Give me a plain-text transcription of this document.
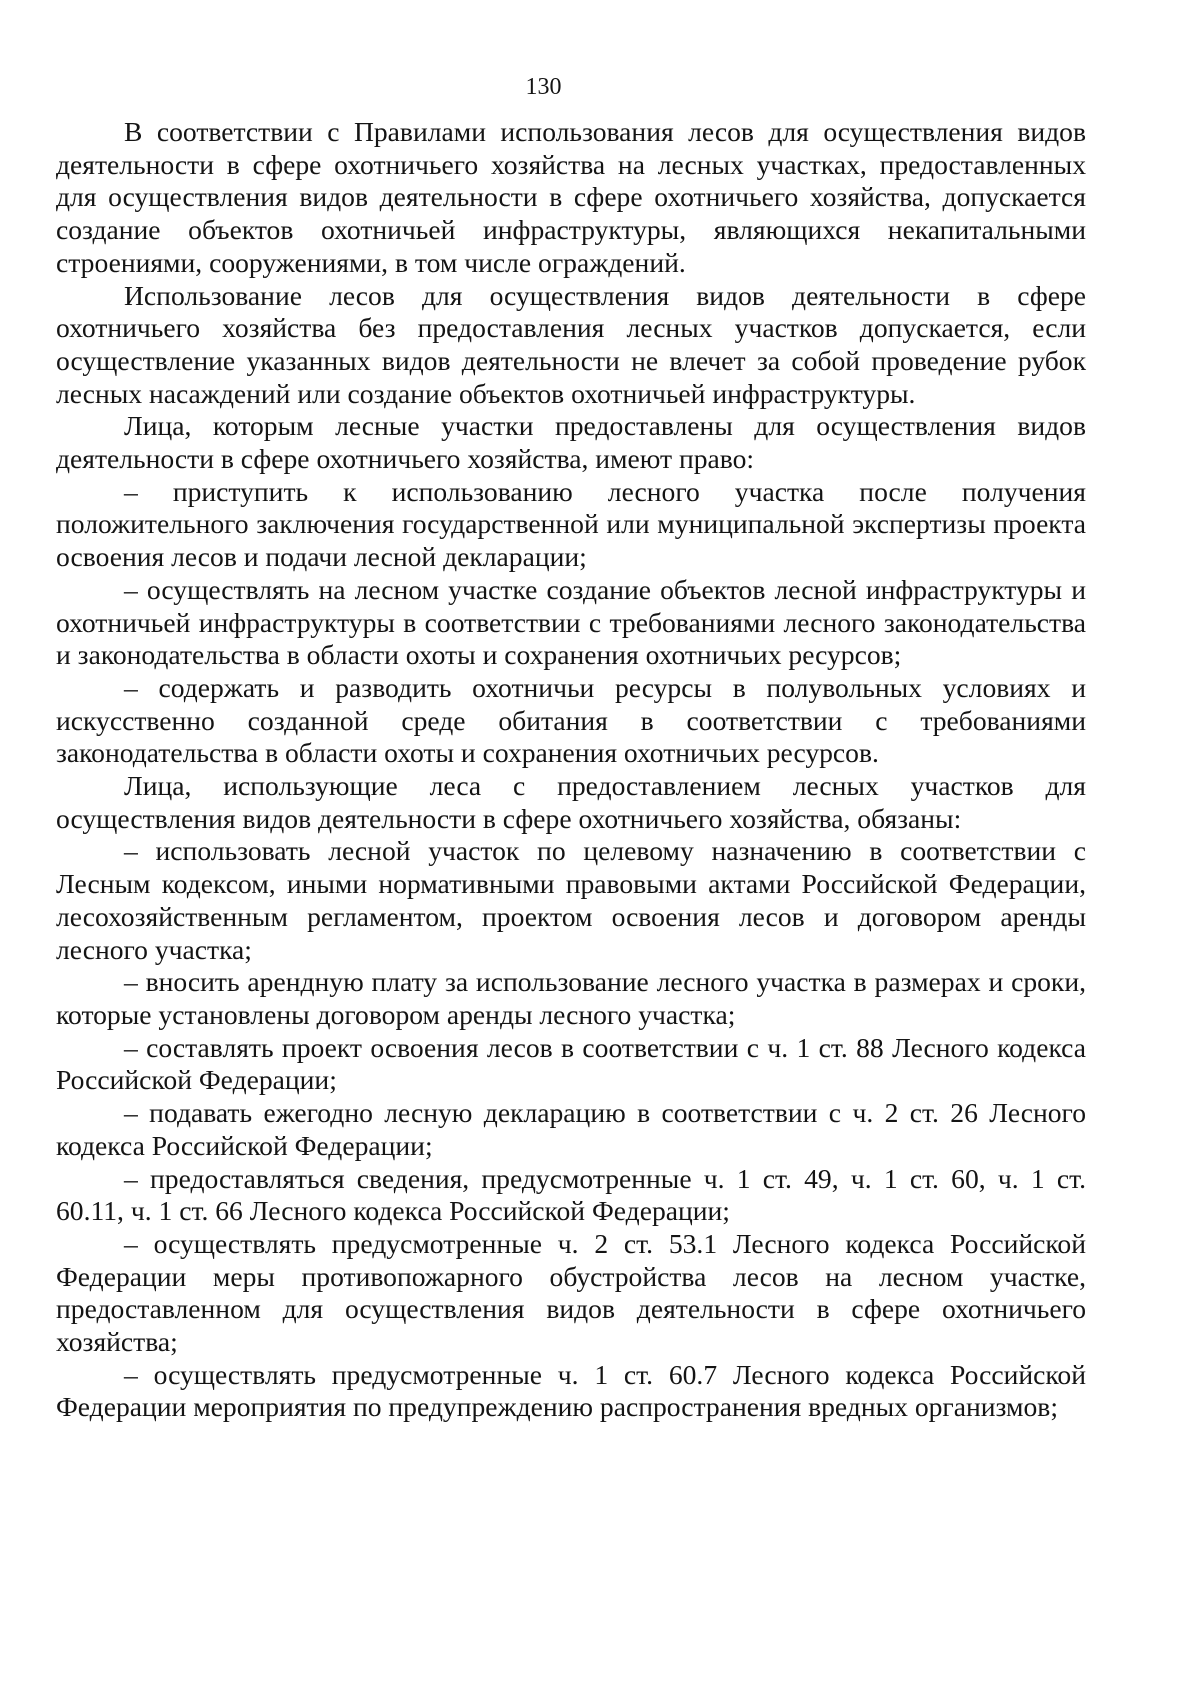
130

В соответствии с Правилами использования лесов для осуществления видов деятельности в сфере охотничьего хозяйства на лесных участках, предоставленных для осуществления видов деятельности в сфере охотничьего хозяйства, допускается создание объектов охотничьей инфраструктуры, являющихся некапитальными строениями, сооружениями, в том числе ограждений.

Использование лесов для осуществления видов деятельности в сфере охотничьего хозяйства без предоставления лесных участков допускается, если осуществление указанных видов деятельности не влечет за собой проведение рубок лесных насаждений или создание объектов охотничьей инфраструктуры.

Лица, которым лесные участки предоставлены для осуществления видов деятельности в сфере охотничьего хозяйства, имеют право:

– приступить к использованию лесного участка после получения положительного заключения государственной или муниципальной экспертизы проекта освоения лесов и подачи лесной декларации;

– осуществлять на лесном участке создание объектов лесной инфраструктуры и охотничьей инфраструктуры в соответствии с требованиями лесного законодательства и законодательства в области охоты и сохранения охотничьих ресурсов;

– содержать и разводить охотничьи ресурсы в полувольных условиях и искусственно созданной среде обитания в соответствии с требованиями законодательства в области охоты и сохранения охотничьих ресурсов.

Лица, использующие леса с предоставлением лесных участков для осуществления видов деятельности в сфере охотничьего хозяйства, обязаны:

– использовать лесной участок по целевому назначению в соответствии с Лесным кодексом, иными нормативными правовыми актами Российской Федерации, лесохозяйственным регламентом, проектом освоения лесов и договором аренды лесного участка;

– вносить арендную плату за использование лесного участка в размерах и сроки, которые установлены договором аренды лесного участка;

– составлять проект освоения лесов в соответствии с ч. 1 ст. 88 Лесного кодекса Российской Федерации;

– подавать ежегодно лесную декларацию в соответствии с ч. 2 ст. 26 Лесного кодекса Российской Федерации;

– предоставляться сведения, предусмотренные ч. 1 ст. 49, ч. 1 ст. 60, ч. 1 ст. 60.11, ч. 1 ст. 66 Лесного кодекса Российской Федерации;

– осуществлять предусмотренные ч. 2 ст. 53.1 Лесного кодекса Российской Федерации меры противопожарного обустройства лесов на лесном участке, предоставленном для осуществления видов деятельности в сфере охотничьего хозяйства;

– осуществлять предусмотренные ч. 1 ст. 60.7 Лесного кодекса Российской Федерации мероприятия по предупреждению распространения вредных организмов;
